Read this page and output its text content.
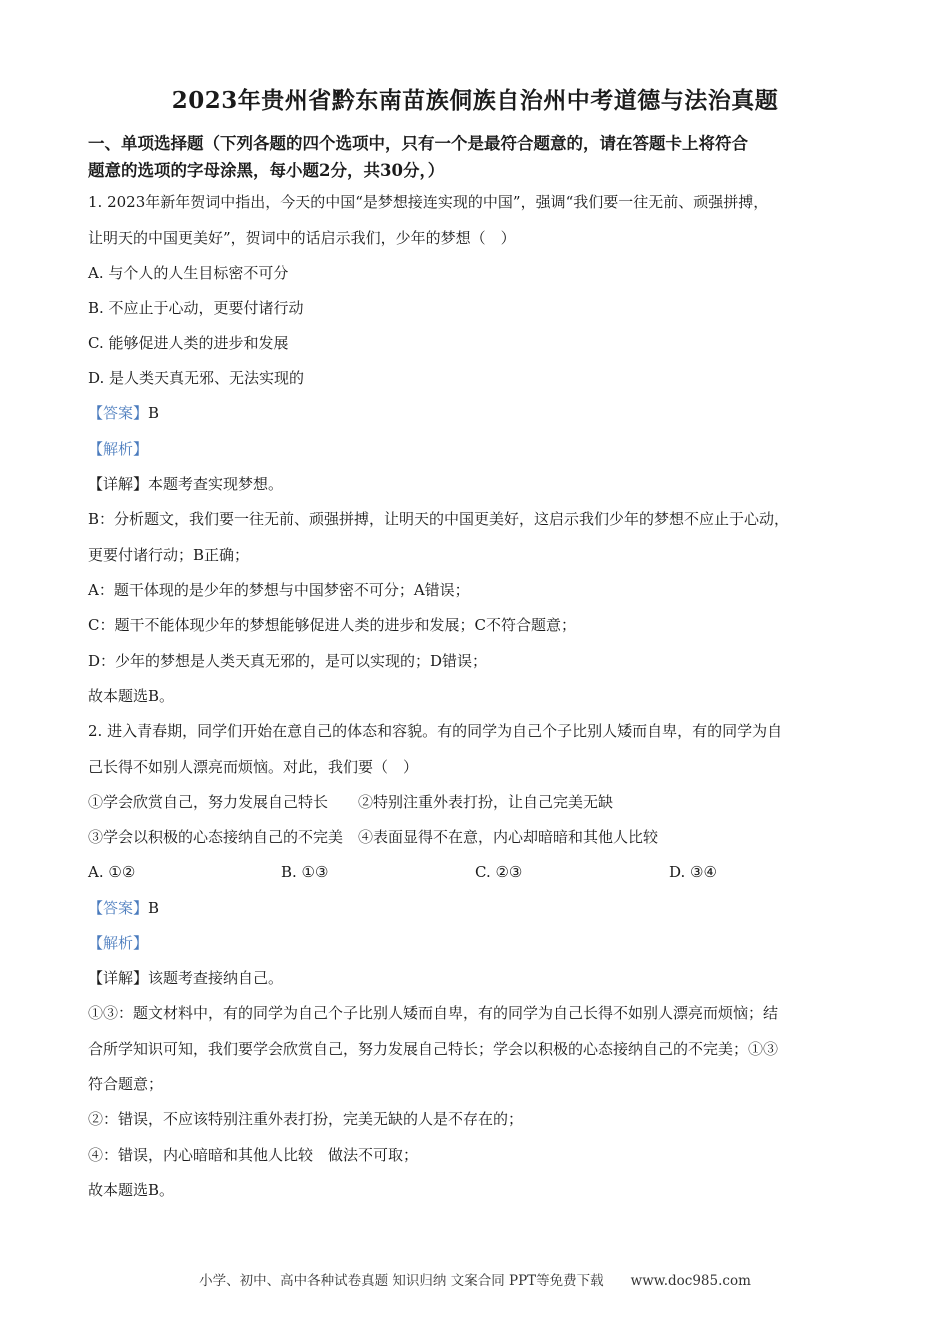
2023年贵州省黔东南苗族侗族自治州中考道德与法治真题
一、单项选择题（下列各题的四个选项中，只有一个是最符合题意的，请在答题卡上将符合
题意的选项的字母涂黑，每小题2分，共30分，）
1. 2023年新年贺词中指出，今天的中国“是梦想接连实现的中国”，强调“我们要一往无前、顽强拼搏，
让明天的中国更美好”，贺词中的话启示我们，少年的梦想（　）
A. 与个人的人生目标密不可分
B. 不应止于心动，更要付诸行动
C. 能够促进人类的进步和发展
D. 是人类天真无邪、无法实现的
【答案】B
【解析】
【详解】本题考查实现梦想。
B：分析题文，我们要一往无前、顽强拼搏，让明天的中国更美好，这启示我们少年的梦想不应止于心动，
更要付诸行动；B正确；
A：题干体现的是少年的梦想与中国梦密不可分；A错误；
C：题干不能体现少年的梦想能够促进人类的进步和发展；C不符合题意；
D：少年的梦想是人类天真无邪的，是可以实现的；D错误；
故本题选B。
2. 进入青春期，同学们开始在意自己的体态和容貌。有的同学为自己个子比别人矮而自卑，有的同学为自
己长得不如别人漂亮而烦恼。对此，我们要（　）
①学会欣赏自己，努力发展自己特长　　②特别注重外表打扮，让自己完美无缺
③学会以积极的心态接纳自己的不完美　④表面显得不在意，内心却暗暗和其他人比较
A. ①②	B. ①③	C. ②③	D. ③④
【答案】B
【解析】
【详解】该题考查接纳自己。
①③：题文材料中，有的同学为自己个子比别人矮而自卑，有的同学为自己长得不如别人漂亮而烦恼；结
合所学知识可知，我们要学会欣赏自己，努力发展自己特长；学会以积极的心态接纳自己的不完美；①③
符合题意；
②：错误，不应该特别注重外表打扮，完美无缺的人是不存在的；
④：错误，内心暗暗和其他人比较　做法不可取；
故本题选B。
小学、初中、高中各种试卷真题 知识归纳 文案合同 PPT等免费下载　　www.doc985.com
